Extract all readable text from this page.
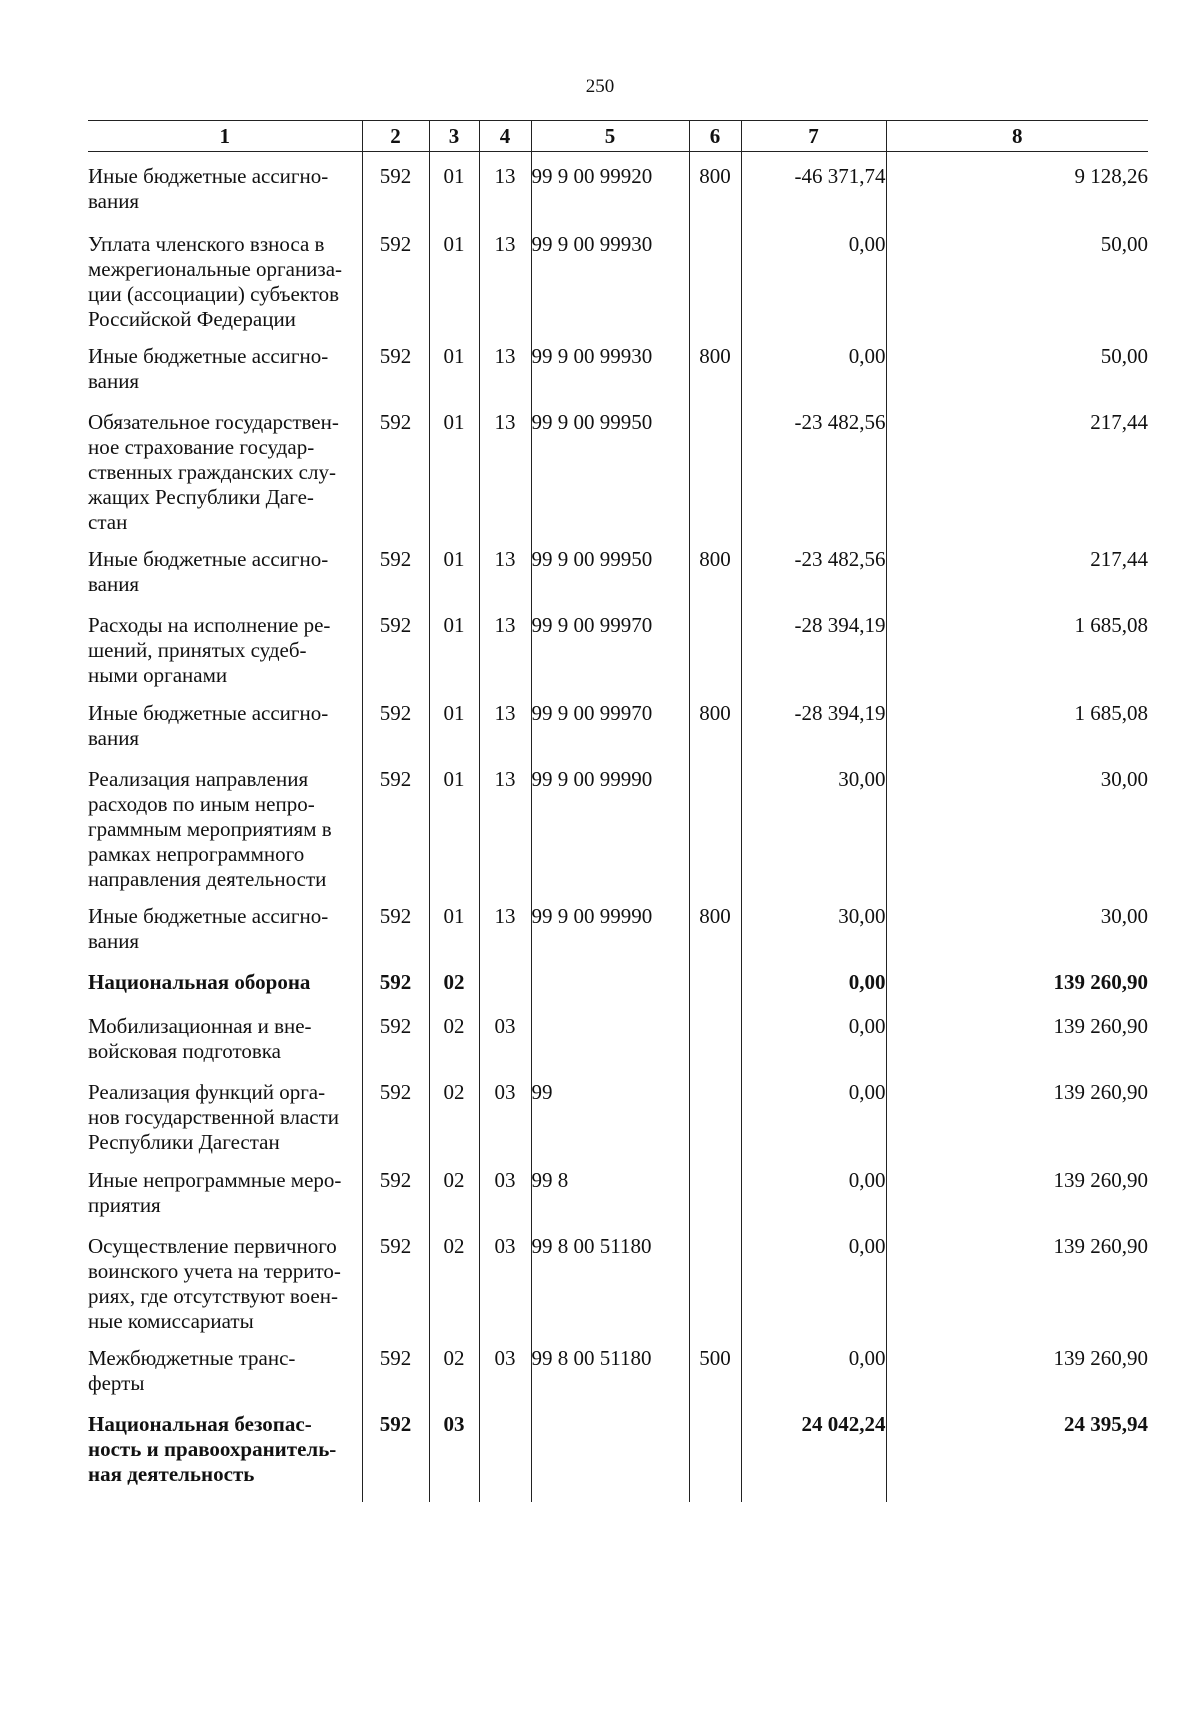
250
1	2	3	4	5	6	7	8
Иные бюджетные ассигно-
вания	592	01	13	99 9 00 99920	800	-46 371,74	9 128,26
Уплата членского взноса в
межрегиональные организа-
ции (ассоциации) субъектов
Российской Федерации	592	01	13	99 9 00 99930		0,00	50,00
Иные бюджетные ассигно-
вания	592	01	13	99 9 00 99930	800	0,00	50,00
Обязательное государствен-
ное страхование государ-
ственных гражданских слу-
жащих Республики Даге-
стан	592	01	13	99 9 00 99950		-23 482,56	217,44
Иные бюджетные ассигно-
вания	592	01	13	99 9 00 99950	800	-23 482,56	217,44
Расходы на исполнение ре-
шений, принятых судеб-
ными органами	592	01	13	99 9 00 99970		-28 394,19	1 685,08
Иные бюджетные ассигно-
вания	592	01	13	99 9 00 99970	800	-28 394,19	1 685,08
Реализация направления
расходов по иным непро-
граммным мероприятиям в
рамках непрограммного
направления деятельности	592	01	13	99 9 00 99990		30,00	30,00
Иные бюджетные ассигно-
вания	592	01	13	99 9 00 99990	800	30,00	30,00
Национальная оборона	592	02				0,00	139 260,90
Мобилизационная и вне-
войсковая подготовка	592	02	03			0,00	139 260,90
Реализация функций орга-
нов государственной власти
Республики Дагестан	592	02	03	99		0,00	139 260,90
Иные непрограммные меро-
приятия	592	02	03	99 8		0,00	139 260,90
Осуществление первичного
воинского учета на террито-
риях, где отсутствуют воен-
ные комиссариаты	592	02	03	99 8 00 51180		0,00	139 260,90
Межбюджетные транс-
ферты	592	02	03	99 8 00 51180	500	0,00	139 260,90
Национальная безопас-
ность и правоохранитель-
ная деятельность	592	03				24 042,24	24 395,94
